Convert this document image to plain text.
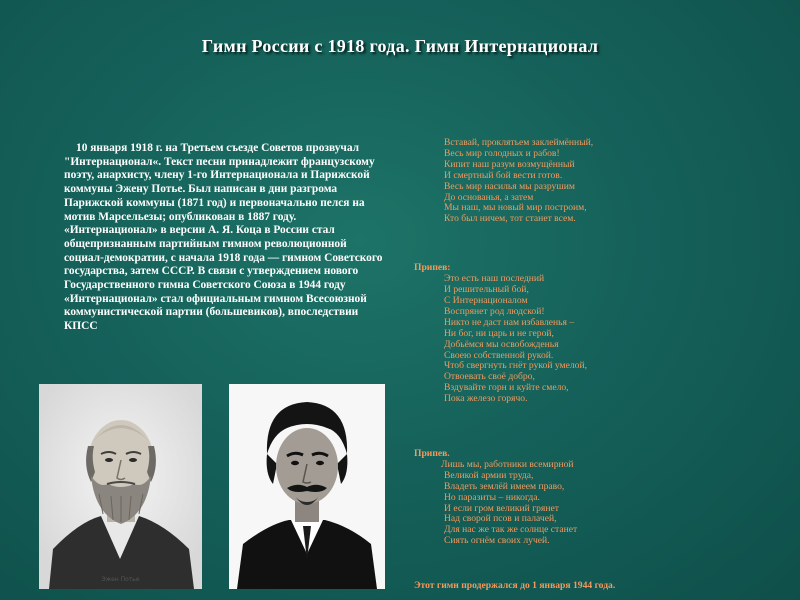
Гимн России с 1918 года. Гимн Интернационал

10 января 1918 г. на Третьем съезде Советов прозвучал "Интернационал«. Текст песни принадлежит французскому поэту, анархисту, члену 1-го Интернационала и Парижской коммуны Эжену Потье. Был написан в дни разгрома Парижской коммуны (1871 год) и первоначально пелся на мотив Марсельезы; опубликован в 1887 году. «Интернационал» в версии А. Я. Коца в России стал общепризнанным партийным гимном революционной социал-демократии, с начала 1918 года — гимном Советского государства, затем СССР. В связи с утверждением нового Государственного гимна Советского Союза в 1944 году «Интернационал» стал официальным гимном Всесоюзной коммунистической партии (большевиков), впоследствии КПСС

Вставай, проклятьем заклеймённый,
Весь мир голодных и рабов!
Кипит наш разум возмущённый
И смертный бой вести готов.
Весь мир насилья мы разрушим
До основанья, а затем
Мы наш, мы новый мир построим,
Кто был ничем, тот станет всем.
Припев:
Это есть наш последний
И решительный бой,
С Интернационалом
Воспрянет род людской!
Никто не даст нам избавленья –
Ни бог, ни царь и не герой,
Добьёмся мы освобожденья
Своею собственной рукой.
Чтоб свергнуть гнёт рукой умелой,
Отвоевать своё добро,
Вздувайте горн и куйте смело,
Пока железо горячо.
Припев.
Лишь мы, работники всемирной
Великой армии труда,
Владеть землёй имеем право,
Но паразиты – никогда.
И если гром великий грянет
Над сворой псов и палачей,
Для нас же так же солнце станет
Сиять огнём своих лучей.
Этот гимн продержался до 1 января 1944 года.
Эжен Потье
